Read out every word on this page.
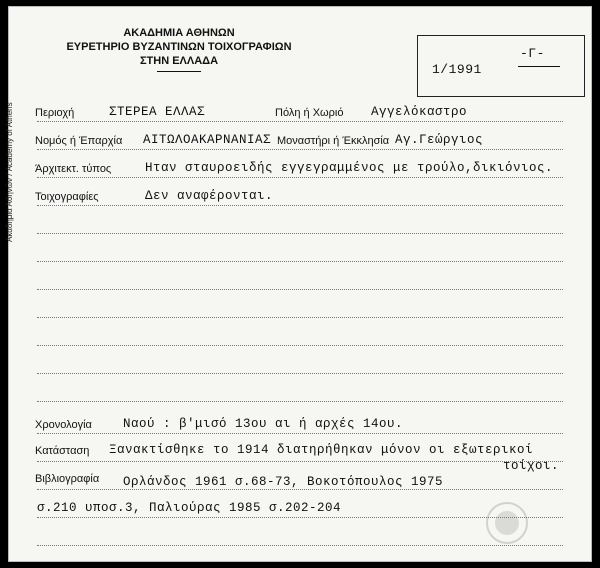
Ακαδημία Αθηνών / Academy of Athens
ΑΚΑΔΗΜΙΑ ΑΘΗΝΩΝ
ΕΥΡΕΤΗΡΙΟ ΒΥΖΑΝΤΙΝΩΝ ΤΟΙΧΟΓΡΑΦΙΩΝ
ΣΤΗΝ ΕΛΛΑΔΑ
1/1991
-Γ-
Περιοχή	ΣΤΕΡΕΑ ΕΛΛΑΣ	Πόλη ή Χωριό Αγγελόκαστρο
Νομός ή Έπαρχία ΑΙΤΩΛΟΑΚΑΡΝΑΝΙΑΣ Μοναστήρι ή Έκκλησία Αγ.Γεώργιος
Άρχιτεκτ. τύπος	Ηταν σταυροειδής εγγεγραμμένος με τρούλο,δικιόνιος.
Τοιχογραφίες	Δεν αναφέρονται.
Χρονολογία Ναού : β'μισό 13ου αι ή αρχές 14ου.
Κατάσταση Ξανακτίσθηκε το 1914 διατηρήθηκαν μόνον οι εξωτερικοί
τοίχοι.
Βιβλιογραφία Ορλάνδος 1961 σ.68-73, Βοκοτόπουλος 1975
σ.210 υποσ.3, Παλιούρας 1985 σ.202-204
